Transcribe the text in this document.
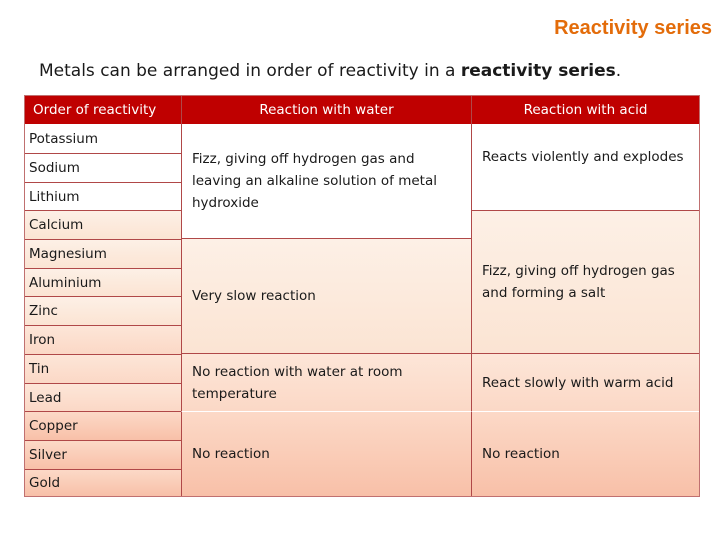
Reactivity series
Metals can be arranged in order of reactivity in a reactivity series.
Order of reactivity	Reaction with water	Reaction with acid
Potassium
Sodium
Lithium
Calcium
Magnesium
Aluminium
Zinc
Iron
Tin
Lead
Copper
Silver
Gold
Fizz, giving off hydrogen gas and leaving an alkaline solution of metal hydroxide
Very slow reaction
No reaction with water at room temperature
No reaction
Reacts violently and explodes
Fizz, giving off hydrogen gas and forming a salt
React slowly with warm acid
No reaction
